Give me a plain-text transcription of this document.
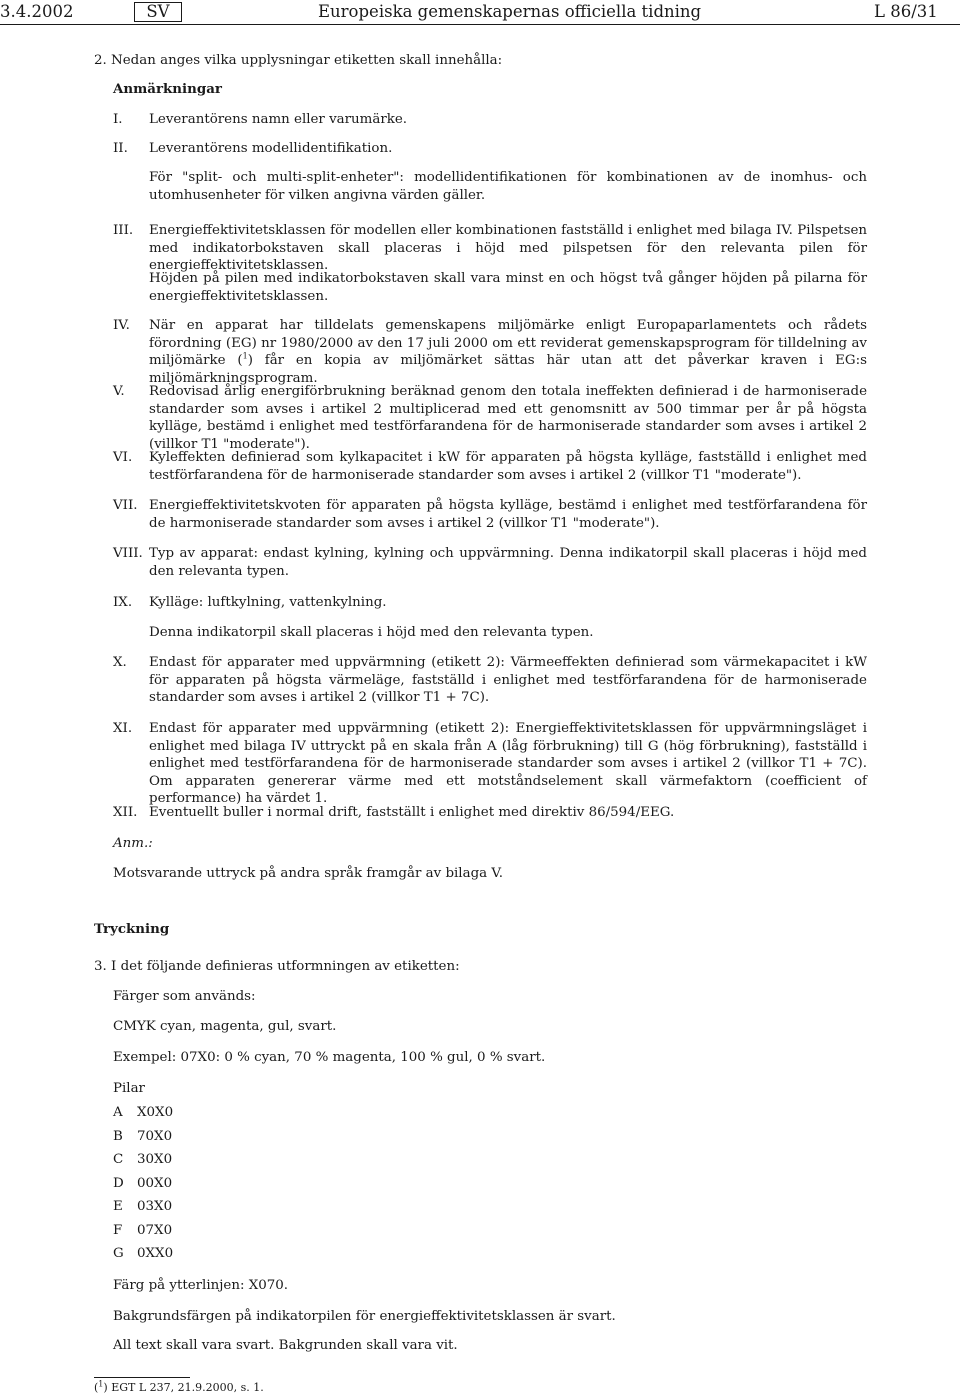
3.4.2002	SV	Europeiska gemenskapernas officiella tidning	L 86/31
2. Nedan anges vilka upplysningar etiketten skall innehålla:
Anmärkningar
I. Leverantörens namn eller varumärke.
II. Leverantörens modellidentifikation.
För "split- och multi-split-enheter": modellidentifikationen för kombinationen av de inomhus- och utomhusenheter för vilken angivna värden gäller.
III. Energieffektivitetsklassen för modellen eller kombinationen fastställd i enlighet med bilaga IV. Pilspetsen med indikatorbokstaven skall placeras i höjd med pilspetsen för den relevanta pilen för energieffektivitetsklassen.
Höjden på pilen med indikatorbokstaven skall vara minst en och högst två gånger höjden på pilarna för energieffektivitetsklassen.
IV. När en apparat har tilldelats gemenskapens miljömärke enligt Europaparlamentets och rådets förordning (EG) nr 1980/2000 av den 17 juli 2000 om ett reviderat gemenskapsprogram för tilldelning av miljömärke ($^1$) får en kopia av miljömärket sättas här utan att det påverkar kraven i EG:s miljömärkningsprogram.
V. Redovisad årlig energiförbrukning beräknad genom den totala ineffekten definierad i de harmoniserade standarder som avses i artikel 2 multiplicerad med ett genomsnitt av 500 timmar per år på högsta kylläge, bestämd i enlighet med testförfarandena för de harmoniserade standarder som avses i artikel 2 (villkor T1 "moderate").
VI. Kyleffekten definierad som kylkapacitet i kW för apparaten på högsta kylläge, fastställd i enlighet med testförfarandena för de harmoniserade standarder som avses i artikel 2 (villkor T1 "moderate").
VII. Energieffektivitetskvoten för apparaten på högsta kylläge, bestämd i enlighet med testförfarandena för de harmoniserade standarder som avses i artikel 2 (villkor T1 "moderate").
VIII. Typ av apparat: endast kylning, kylning och uppvärmning. Denna indikatorpil skall placeras i höjd med den relevanta typen.
IX. Kylläge: luftkylning, vattenkylning.
Denna indikatorpil skall placeras i höjd med den relevanta typen.
X. Endast för apparater med uppvärmning (etikett 2): Värmeeffekten definierad som värmekapacitet i kW för apparaten på högsta värmeläge, fastställd i enlighet med testförfarandena för de harmoniserade standarder som avses i artikel 2 (villkor T1 + 7C).
XI. Endast för apparater med uppvärmning (etikett 2): Energieffektivitetsklassen för uppvärmningsläget i enlighet med bilaga IV uttryckt på en skala från A (låg förbrukning) till G (hög förbrukning), fastställd i enlighet med testförfarandena för de harmoniserade standarder som avses i artikel 2 (villkor T1 + 7C). Om apparaten genererar värme med ett motståndselement skall värmefaktorn (coefficient of performance) ha värdet 1.
XII. Eventuellt buller i normal drift, fastställt i enlighet med direktiv 86/594/EEG.
Anm.:
Motsvarande uttryck på andra språk framgår av bilaga V.
Tryckning
3. I det följande definieras utformningen av etiketten:
Färger som används:
CMYK cyan, magenta, gul, svart.
Exempel: 07X0: 0 % cyan, 70 % magenta, 100 % gul, 0 % svart.
Pilar
A X0X0
B 70X0
C 30X0
D 00X0
E 03X0
F 07X0
G 0XX0
Färg på ytterlinjen: X070.
Bakgrundsfärgen på indikatorpilen för energieffektivitetsklassen är svart.
All text skall vara svart. Bakgrunden skall vara vit.
($^1$) EGT L 237, 21.9.2000, s. 1.
